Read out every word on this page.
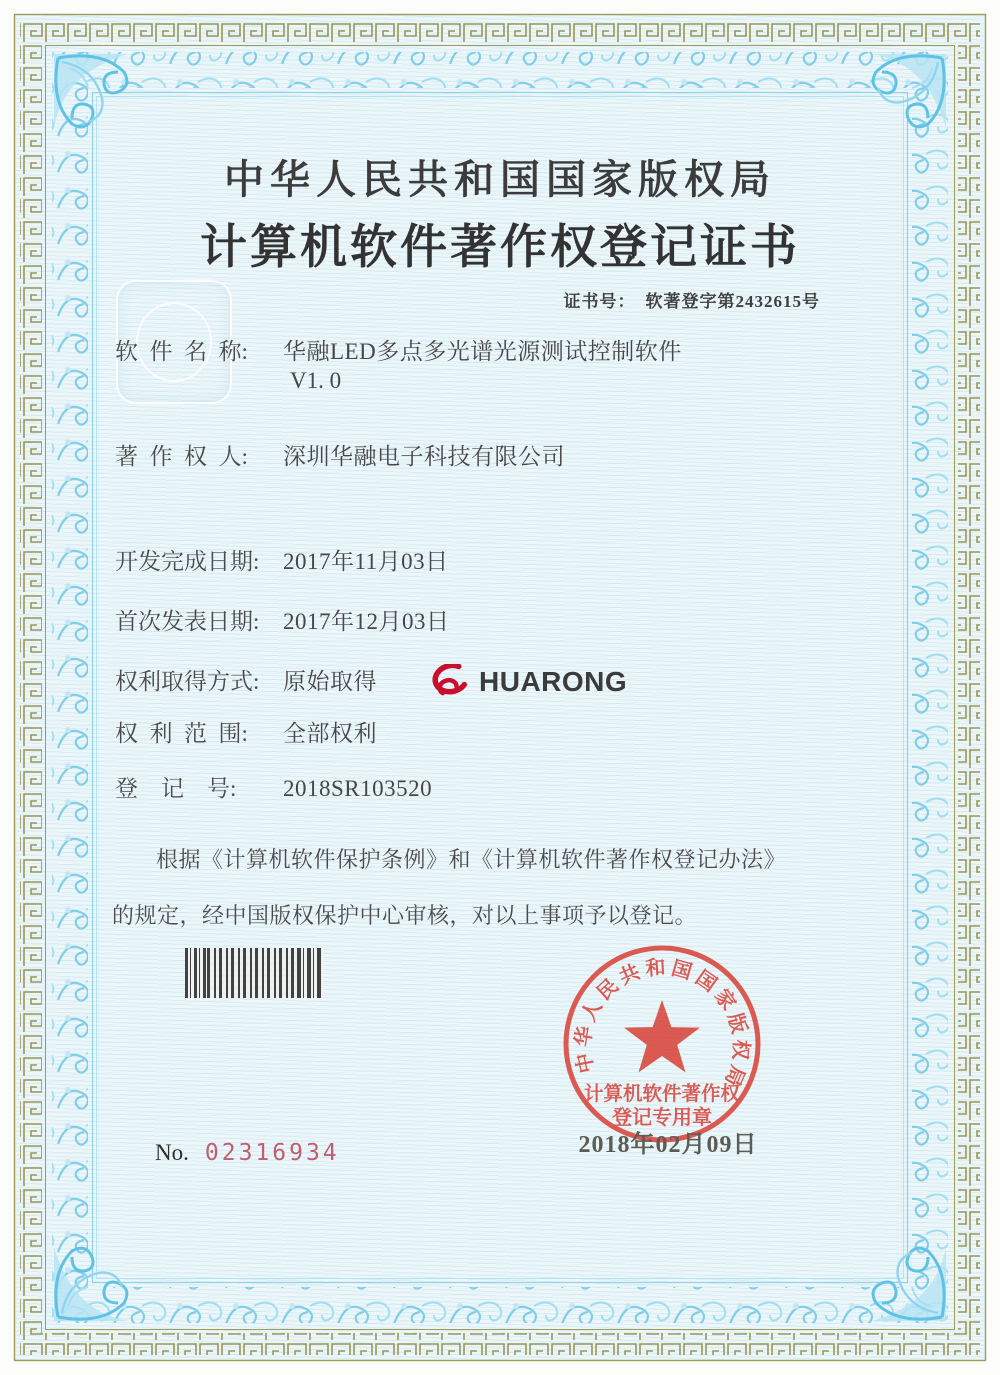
中华人民共和国国家版权局
计算机软件著作权登记证书
证书号： 软著登字第2432615号
软  件  名  称: 华融LED多点多光谱光源测试控制软件
V1. 0
著  作  权  人: 深圳华融电子科技有限公司
开发完成日期: 2017年11月03日
首次发表日期: 2017年12月03日
权利取得方式: 原始取得
权  利  范  围: 全部权利
登    记    号: 2018SR103520
根据《计算机软件保护条例》和《计算机软件著作权登记办法》的规定，经中国版权保护中心审核，对以上事项予以登记。
HUARONG
No. 02316934
中华人民共和国国家版权局
计算机软件著作权
登记专用章
2018年02月09日
